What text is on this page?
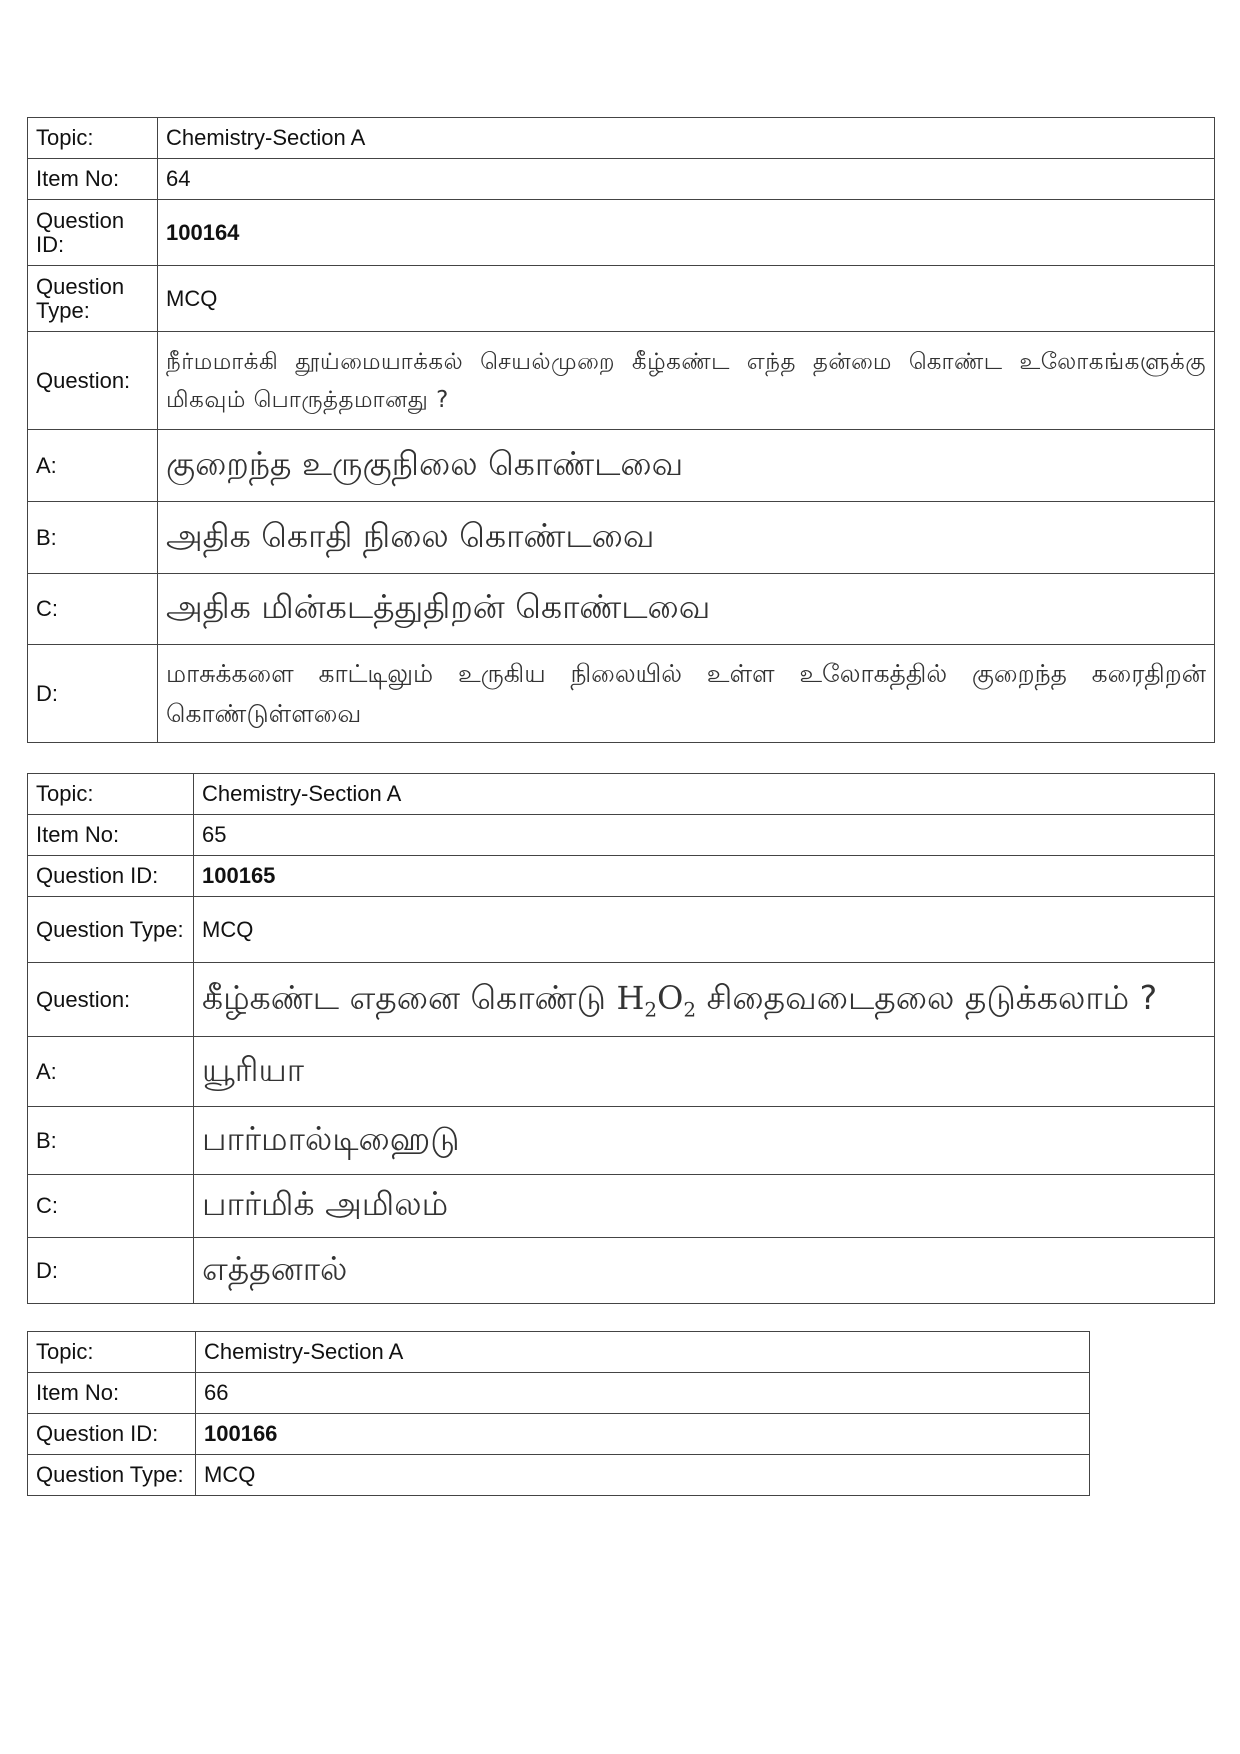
Topic:	Chemistry-Section A
Item No:	64
Question ID:	100164
Question Type:	MCQ
Question:	நீர்மமாக்கி தூய்மையாக்கல் செயல்முறை கீழ்கண்ட எந்த தன்மை கொண்ட உலோகங்களுக்கு மிகவும் பொருத்தமானது ?
A:	குறைந்த உருகுநிலை கொண்டவை
B:	அதிக கொதி நிலை கொண்டவை
C:	அதிக மின்கடத்துதிறன் கொண்டவை
D:	மாசுக்களை காட்டிலும் உருகிய நிலையில் உள்ள உலோகத்தில் குறைந்த கரைதிறன் கொண்டுள்ளவை
Topic:	Chemistry-Section A
Item No:	65
Question ID:	100165
Question Type:	MCQ
Question:	கீழ்கண்ட எதனை கொண்டு $H_2O_2$ சிதைவடைதலை தடுக்கலாம் ?
A:	யூரியா
B:	பார்மால்டிஹைடு
C:	பார்மிக் அமிலம்
D:	எத்தனால்
Topic:	Chemistry-Section A
Item No:	66
Question ID:	100166
Question Type:	MCQ
